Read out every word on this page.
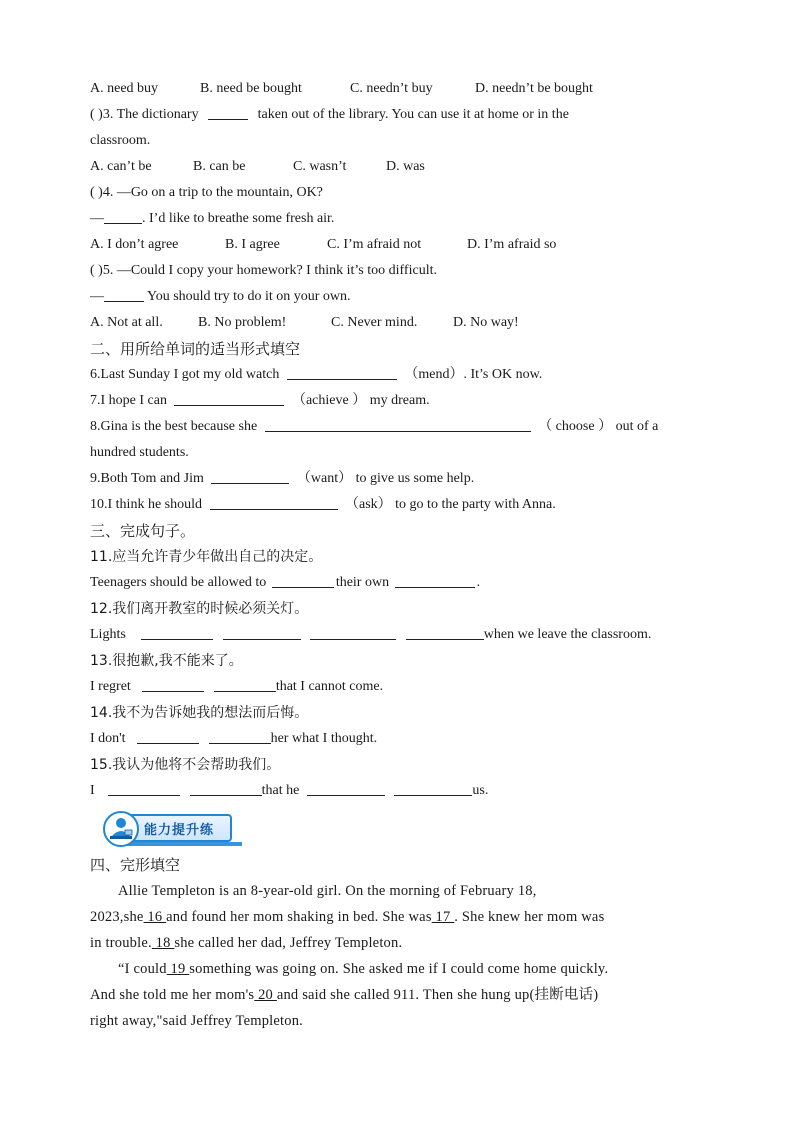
A. need buy	B. need be bought	C. needn’t buy	D. needn’t be bought
( )3. The dictionary	taken out of the library. You can use it at home or in the
classroom.
A. can’t be	B. can be	C. wasn’t	D. was
( )4. —Go on a trip to the mountain, OK?
—	. I’d like to breathe some fresh air.
A. I don’t agree	B. I agree	C. I’m afraid not	D. I’m afraid so
( )5. —Could I copy your homework? I think it’s too difficult.
—	You should try to do it on your own.
A. Not at all.	B. No problem!	C. Never mind.	D. No way!
二、用所给单词的适当形式填空
6.Last Sunday I got my old watch	（mend）. It’s OK now.
7.I hope I can	（achieve ） my dream.
8.Gina is the best because she	（ choose ） out of a
hundred students.
9.Both Tom and Jim	（want） to give us some help.
10.I think he should	（ask） to go to the party with Anna.
三、完成句子。
11.应当允许青少年做出自己的决定。
Teenagers should be allowed to	their own	.
12.我们离开教室的时候必须关灯。
Lights	when we leave the classroom.
13.很抱歉,我不能来了。
I regret	that I cannot come.
14.我不为告诉她我的想法而后悔。
I don't	her what I thought.
15.我认为他将不会帮助我们。
I	that he	us.
能力提升练
四、完形填空
Allie Templeton is an 8-year-old girl. On the morning of February 18,
2023,she 16 and found her mom shaking in bed. She was 17 . She knew her mom was
in trouble. 18 she called her dad, Jeffrey Templeton.
“I could 19 something was going on. She asked me if I could come home quickly.
And she told me her mom's 20 and said she called 911. Then she hung up(挂断电话)
right away,"said Jeffrey Templeton.
